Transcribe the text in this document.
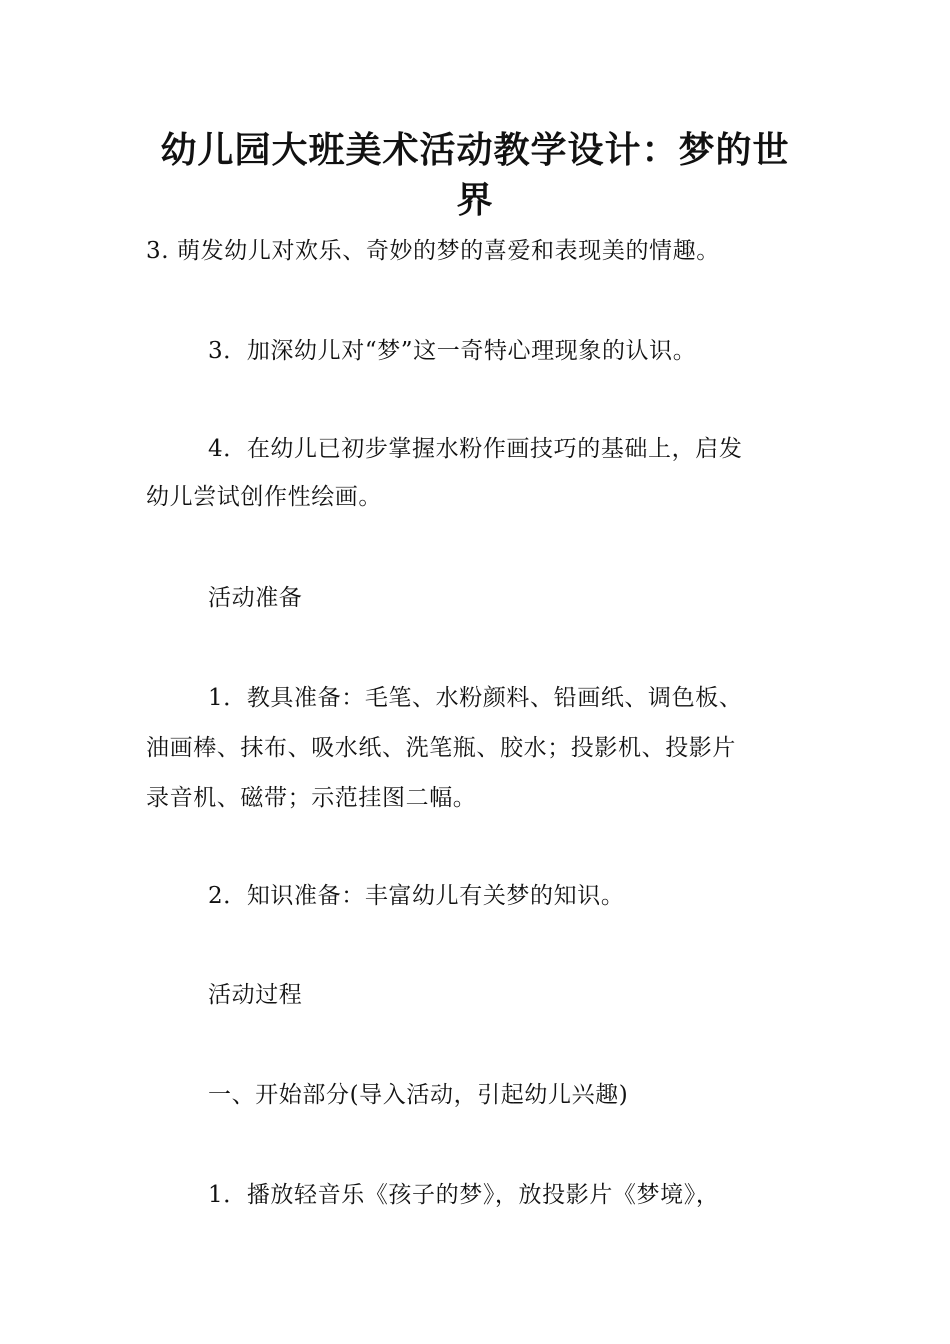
幼儿园大班美术活动教学设计：梦的世
界
3. 萌发幼儿对欢乐、奇妙的梦的喜爱和表现美的情趣。
3．加深幼儿对“梦”这一奇特心理现象的认识。
4．在幼儿已初步掌握水粉作画技巧的基础上，启发
幼儿尝试创作性绘画。
活动准备
1．教具准备：毛笔、水粉颜料、铅画纸、调色板、
油画棒、抹布、吸水纸、洗笔瓶、胶水；投影机、投影片
录音机、磁带；示范挂图二幅。
2．知识准备：丰富幼儿有关梦的知识。
活动过程
一、开始部分(导入活动，引起幼儿兴趣)
1．播放轻音乐《孩子的梦》，放投影片《梦境》，
